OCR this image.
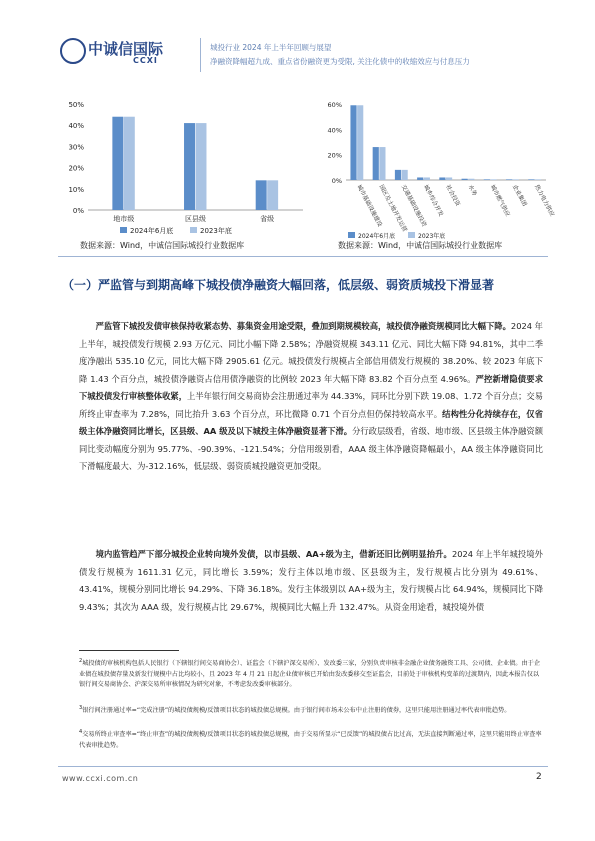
中诚信国际
CCXI
城投行业 2024 年上半年回顾与展望
净融资降幅超九成、重点省份融资更为受限, 关注化债中的收缩效应与付息压力
0%
10%
20%
30%
40%
50%
地市级	区县级	省级
2024年6月底	2023年底
0%
20%
40%
60%
城市基础设施建设
园区及土地开发运营
交通基础设施投资
城乡综合开发 社会投资	水务	城市燃气供应 企业集团	热力电力供应
2024年6月底	2023年底
数据来源：Wind，中诚信国际城投行业数据库	数据来源：Wind，中诚信国际城投行业数据库
（一）严监管与到期高峰下城投债净融资大幅回落，低层级、弱资质城投下滑显著
严监管下城投发债审核保持收紧态势、募集资金用途受限，叠加到期规模较高，城投债净融资规模同比大幅下降。2024 年上半年，城投债发行规模 2.93 万亿元、同比小幅下降 2.58%；净融资规模 343.11 亿元、同比大幅下降 94.81%，其中二季度净融出 535.10 亿元，同比大幅下降 2905.61 亿元。城投债发行规模占全部信用债发行规模的 38.20%、较 2023 年底下降 1.43 个百分点，城投债净融资占信用债净融资的比例较 2023 年大幅下降 83.82 个百分点至 4.96%。严控新增隐债要求下城投债发行审核整体收紧，上半年银行间交易商协会注册通过率为 44.33%，同环比分别下跌 19.08、1.72 个百分点；交易所终止审查率为 7.28%，同比抬升 3.63 个百分点，环比微降 0.71 个百分点但仍保持较高水平。结构性分化持续存在，仅省级主体净融资同比增长，区县级、AA 级及以下城投主体净融资显著下滑。分行政层级看，省级、地市级、区县级主体净融资额同比变动幅度分别为 95.77%、-90.39%、-121.54%；分信用级别看，AAA 级主体净融资降幅最小，AA 级主体净融资同比下滑幅度最大、为-312.16%，低层级、弱资质城投融资更加受限。
境内监管趋严下部分城投企业转向境外发债，以市县级、AA+级为主，借新还旧比例明显抬升。2024 年上半年城投境外债发行规模为 1611.31 亿元，同比增长 3.59%；发行主体以地市级、区县级为主，发行规模占比分别为 49.61%、43.41%，规模分别同比增长 94.29%、下降 36.18%。发行主体级别以 AA+级为主，发行规模占比 64.94%，规模同比下降 9.43%；其次为 AAA 级，发行规模占比 29.67%，规模同比大幅上升 132.47%。从资金用途看，城投境外债
$^2$城投债的审核机构包括人民银行（下辖银行间交易商协会）、证监会（下辖沪深交易所）、发改委三家，分别负责审核非金融企业债务融资工具、公司债、企业债。由于企业债在城投债存量及新发行规模中占比均较小，且 2023 年 4 月 21 日起企业债审核已开始由发改委移交至证监会，目前处于审核机构变革的过渡期内，因此本报告仅以银行间交易商协会、沪深交易所审核情况为研究对象，不考虑发改委审核部分。
$^3$银行间注册通过率=“完成注册”的城投债规模/反馈项目状态的城投债总规模。由于银行间市场未公布中止注册的债券，这里只能用注册通过率代表审批趋势。
$^4$交易所终止审查率=“终止审查”的城投债规模/反馈项目状态的城投债总规模，由于交易所显示“已反馈”的城投债占比过高，无法直接判断通过率，这里只能用终止审查率代表审批趋势。
www.ccxi.com.cn	2
